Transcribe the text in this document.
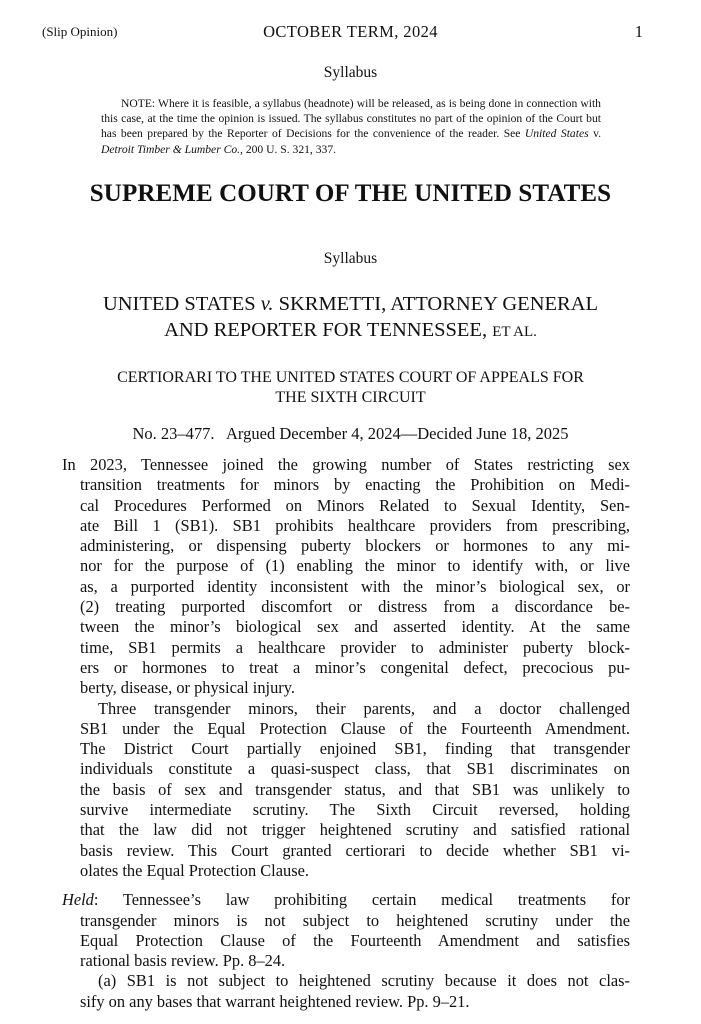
(Slip Opinion)	OCTOBER TERM, 2024	1
Syllabus
NOTE: Where it is feasible, a syllabus (headnote) will be released, as is being done in connection with this case, at the time the opinion is issued. The syllabus constitutes no part of the opinion of the Court but has been prepared by the Reporter of Decisions for the convenience of the reader. See United States v. Detroit Timber & Lumber Co., 200 U. S. 321, 337.
SUPREME COURT OF THE UNITED STATES
Syllabus
UNITED STATES v. SKRMETTI, ATTORNEY GENERAL
AND REPORTER FOR TENNESSEE, ET AL.
CERTIORARI TO THE UNITED STATES COURT OF APPEALS FOR
THE SIXTH CIRCUIT
No. 23–477.   Argued December 4, 2024—Decided June 18, 2025

In 2023, Tennessee joined the growing number of States restricting sex
transition treatments for minors by enacting the Prohibition on Medi-
cal Procedures Performed on Minors Related to Sexual Identity, Sen-
ate Bill 1 (SB1). SB1 prohibits healthcare providers from prescribing,
administering, or dispensing puberty blockers or hormones to any mi-
nor for the purpose of (1) enabling the minor to identify with, or live
as, a purported identity inconsistent with the minor’s biological sex, or
(2) treating purported discomfort or distress from a discordance be-
tween the minor’s biological sex and asserted identity. At the same
time, SB1 permits a healthcare provider to administer puberty block-
ers or hormones to treat a minor’s congenital defect, precocious pu-
berty, disease, or physical injury.

Three transgender minors, their parents, and a doctor challenged
SB1 under the Equal Protection Clause of the Fourteenth Amendment.
The District Court partially enjoined SB1, finding that transgender
individuals constitute a quasi-suspect class, that SB1 discriminates on
the basis of sex and transgender status, and that SB1 was unlikely to
survive intermediate scrutiny. The Sixth Circuit reversed, holding
that the law did not trigger heightened scrutiny and satisfied rational
basis review. This Court granted certiorari to decide whether SB1 vi-
olates the Equal Protection Clause.

Held: Tennessee’s law prohibiting certain medical treatments for
transgender minors is not subject to heightened scrutiny under the
Equal Protection Clause of the Fourteenth Amendment and satisfies
rational basis review. Pp. 8–24.

(a) SB1 is not subject to heightened scrutiny because it does not clas-
sify on any bases that warrant heightened review. Pp. 9–21.
